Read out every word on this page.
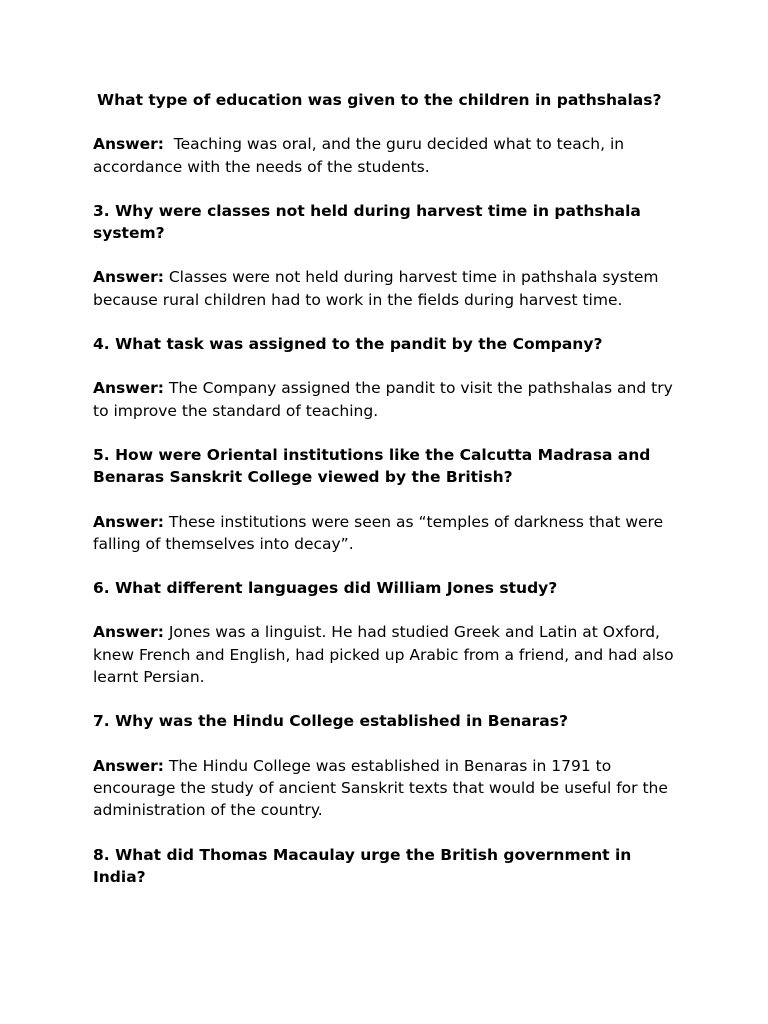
What type of education was given to the children in pathshalas?

Answer:  Teaching was oral, and the guru decided what to teach, in accordance with the needs of the students.

3. Why were classes not held during harvest time in pathshala system?

Answer: Classes were not held during harvest time in pathshala system because rural children had to work in the fields during harvest time.

4. What task was assigned to the pandit by the Company?

Answer: The Company assigned the pandit to visit the pathshalas and try to improve the standard of teaching.

5. How were Oriental institutions like the Calcutta Madrasa and Benaras Sanskrit College viewed by the British?

Answer: These institutions were seen as “temples of darkness that were falling of themselves into decay”.

6. What different languages did William Jones study?

Answer: Jones was a linguist. He had studied Greek and Latin at Oxford, knew French and English, had picked up Arabic from a friend, and had also learnt Persian.

7. Why was the Hindu College established in Benaras?

Answer: The Hindu College was established in Benaras in 1791 to encourage the study of ancient Sanskrit texts that would be useful for the administration of the country.

8. What did Thomas Macaulay urge the British government in India?
